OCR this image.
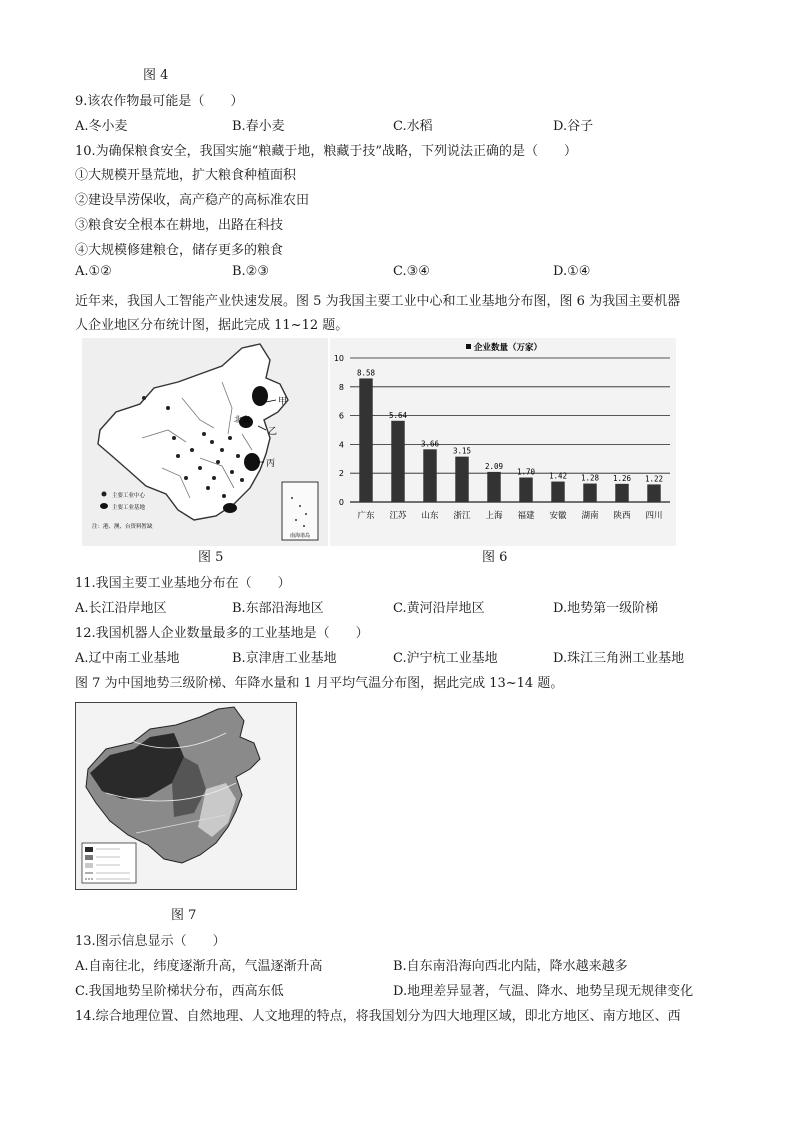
图 4
9.该农作物最可能是（　　）
A.冬小麦	B.春小麦	C.水稻	D.谷子
10.为确保粮食安全，我国实施“粮藏于地，粮藏于技”战略，下列说法正确的是（　　）
①大规模开垦荒地，扩大粮食种植面积
②建设旱涝保收，高产稳产的高标准农田
③粮食安全根本在耕地，出路在科技
④大规模修建粮仓，储存更多的粮食
A.①②	B.②③	C.③④	D.①④
近年来，我国人工智能产业快速发展。图 5 为我国主要工业中心和工业基地分布图，图 6 为我国主要机器
人企业地区分布统计图，据此完成 11~12 题。
北京
甲
乙
丙
主要工业中心
主要工业基地
注：港、澳、台资料暂缺
南海诸岛
图 5
0
2
4
6
8
10
8.58
5.64
3.66
3.15
2.09
1.70 1.42 1.28 1.26 1.22
广东 江苏 山东 浙江 上海 福建 安徽 湖南 陕西 四川
企业数量（万家）
图 6
11.我国主要工业基地分布在（　　）
A.长江沿岸地区	B.东部沿海地区	C.黄河沿岸地区	D.地势第一级阶梯
12.我国机器人企业数量最多的工业基地是（　　）
A.辽中南工业基地	B.京津唐工业基地	C.沪宁杭工业基地	D.珠江三角洲工业基地
图 7 为中国地势三级阶梯、年降水量和 1 月平均气温分布图，据此完成 13~14 题。
图 7
13.图示信息显示（　　）
A.自南往北，纬度逐渐升高，气温逐渐升高	B.自东南沿海向西北内陆，降水越来越多
C.我国地势呈阶梯状分布，西高东低	D.地理差异显著，气温、降水、地势呈现无规律变化
14.综合地理位置、自然地理、人文地理的特点，将我国划分为四大地理区域，即北方地区、南方地区、西
